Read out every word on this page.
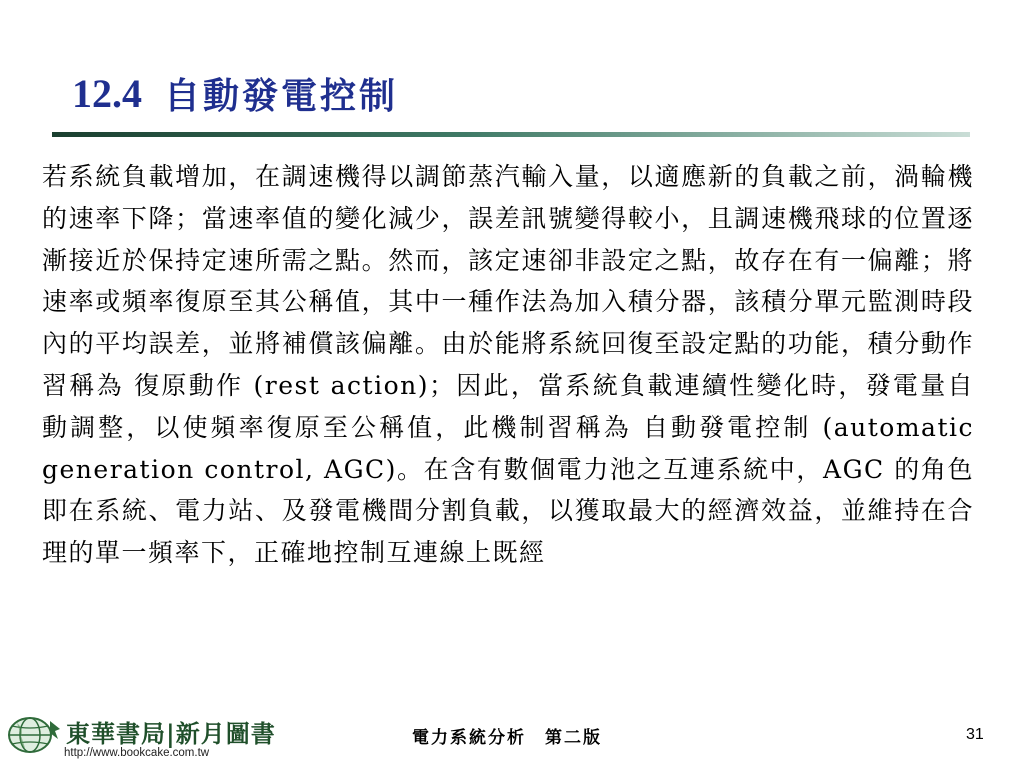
12.4 自動發電控制

若系統負載增加，在調速機得以調節蒸汽輸入量，以適應新的負載之前，渦輪機的速率下降；當速率值的變化減少，誤差訊號變得較小，且調速機飛球的位置逐漸接近於保持定速所需之點。然而，該定速卻非設定之點，故存在有一偏離；將速率或頻率復原至其公稱值，其中一種作法為加入積分器，該積分單元監測時段內的平均誤差，並將補償該偏離。由於能將系統回復至設定點的功能，積分動作習稱為 復原動作 (rest action)；因此，當系統負載連續性變化時，發電量自動調整，以使頻率復原至公稱值，此機制習稱為 自動發電控制 (automatic generation control, AGC)。在含有數個電力池之互連系統中，AGC 的角色即在系統、電力站、及發電機間分割負載，以獲取最大的經濟效益，並維持在合理的單一頻率下，正確地控制互連線上既經

東華書局|新月圖書
http://www.bookcake.com.tw
電力系統分析　第二版	31
